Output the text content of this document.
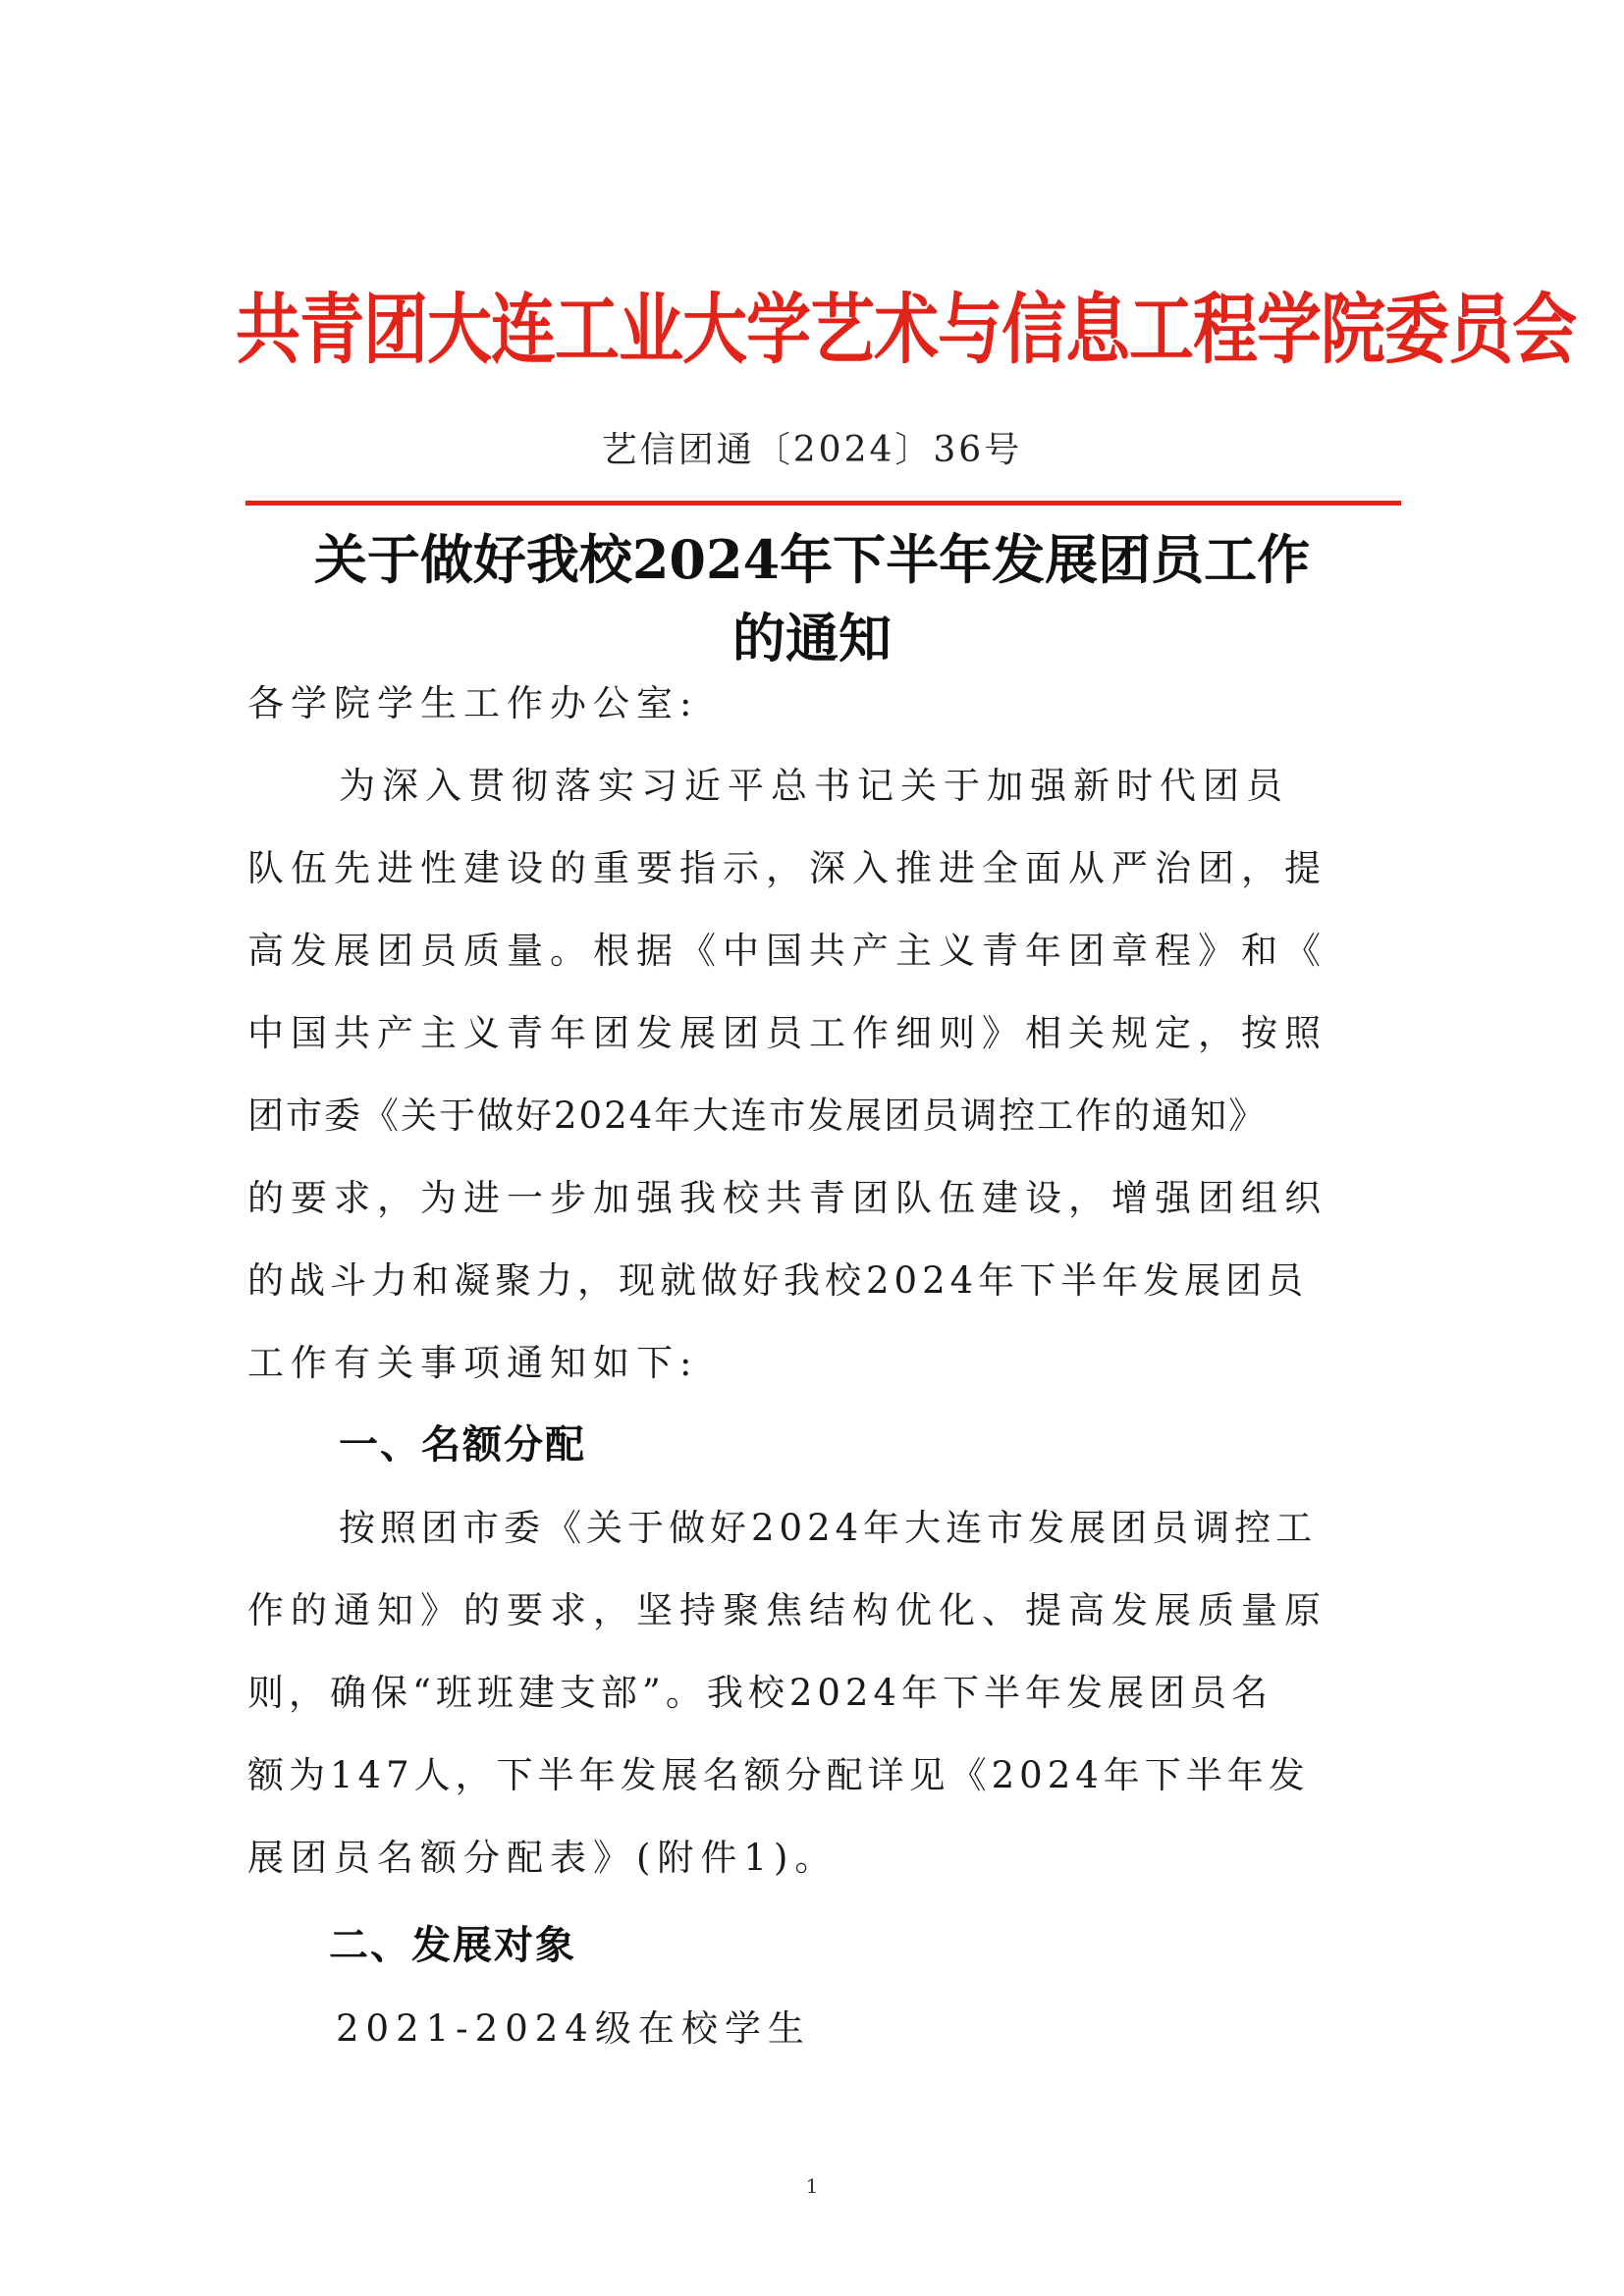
共青团大连工业大学艺术与信息工程学院委员会
艺信团通〔2024〕36号
关于做好我校2024年下半年发展团员工作
的通知
各学院学生工作办公室:
为深入贯彻落实习近平总书记关于加强新时代团员
队伍先进性建设的重要指示，深入推进全面从严治团，提
高发展团员质量。根据《中国共产主义青年团章程》和《
中国共产主义青年团发展团员工作细则》相关规定，按照
团市委《关于做好2024年大连市发展团员调控工作的通知》
的要求，为进一步加强我校共青团队伍建设，增强团组织
的战斗力和凝聚力，现就做好我校2024年下半年发展团员
工作有关事项通知如下:
一、名额分配
按照团市委《关于做好2024年大连市发展团员调控工
作的通知》的要求，坚持聚焦结构优化、提高发展质量原
则，确保“班班建支部”。我校2024年下半年发展团员名
额为147人，下半年发展名额分配详见《2024年下半年发
展团员名额分配表》(附件1)。
二、发展对象
2021-2024级在校学生
1
